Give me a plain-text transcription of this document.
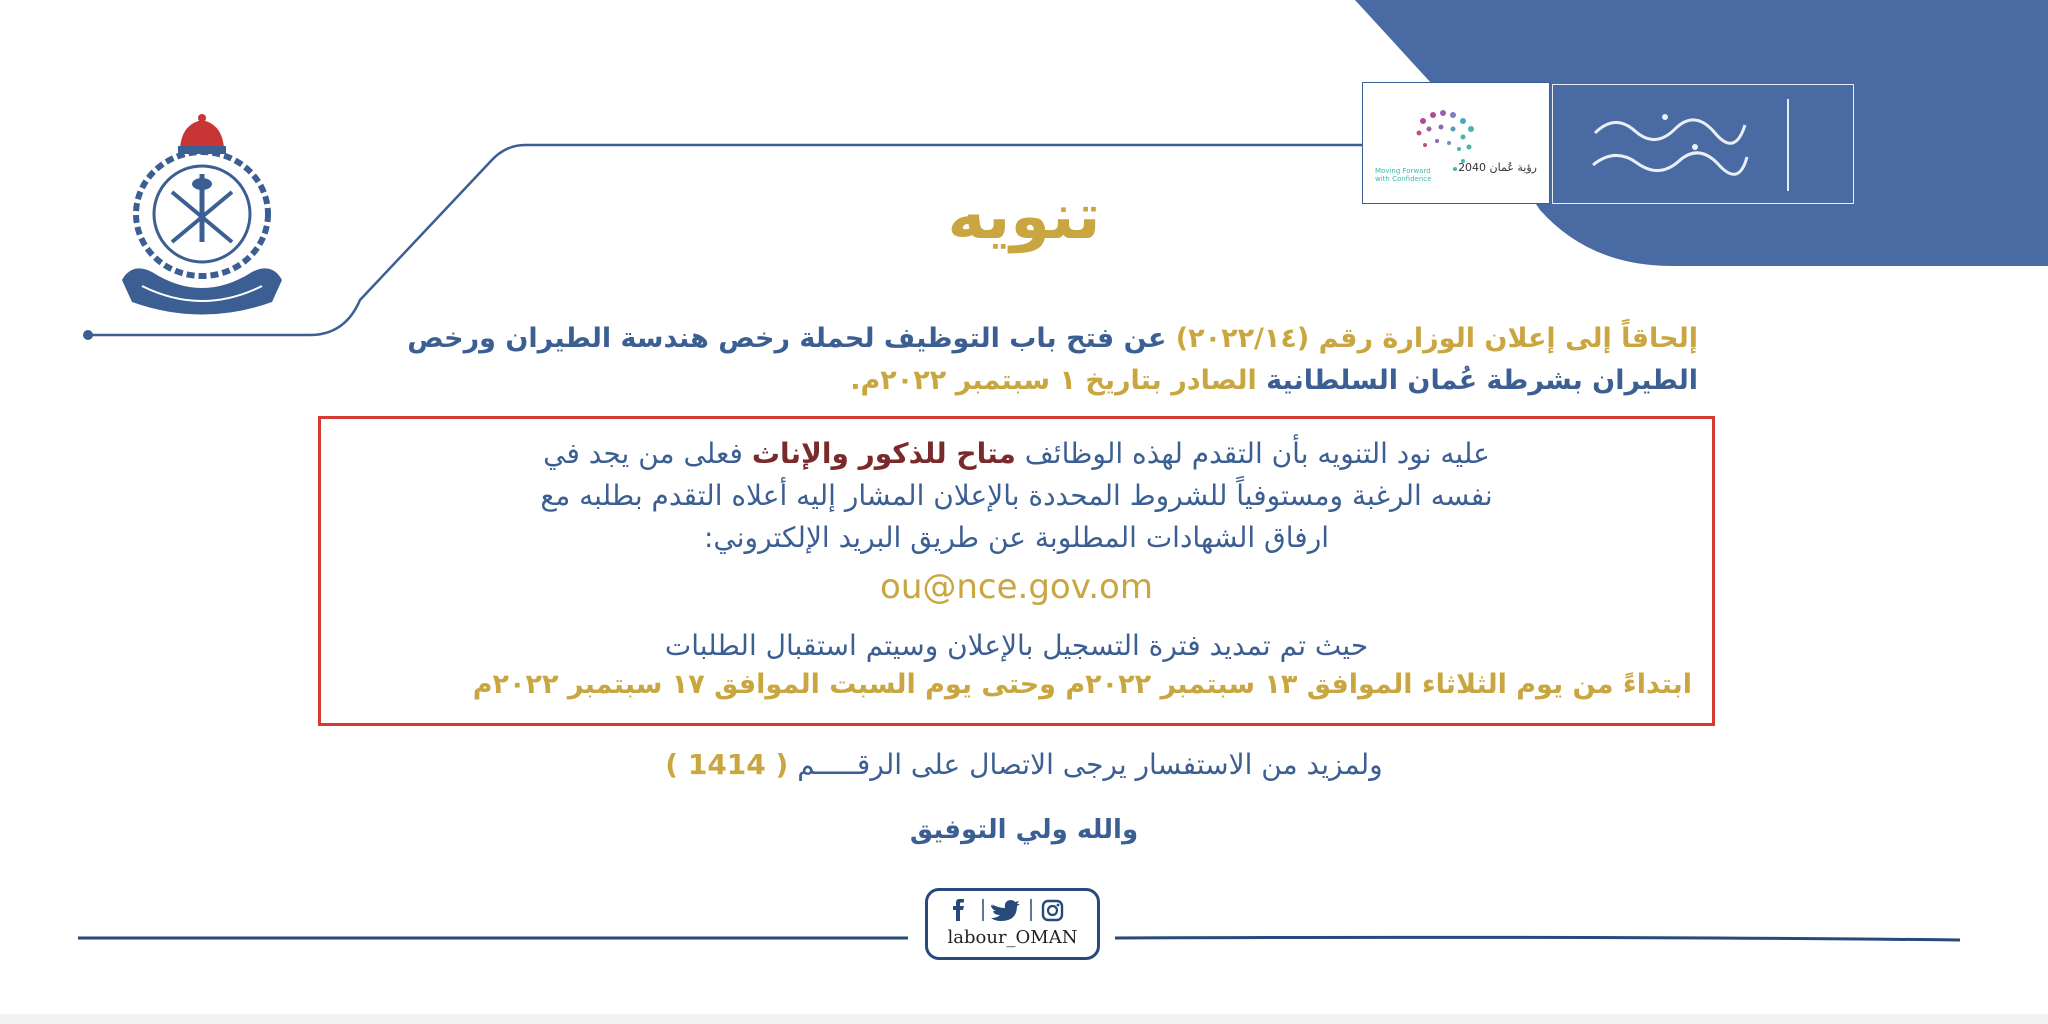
رؤية عُمان 2040
Moving Forward with Confidence
تنويه
إلحاقاً إلى إعلان الوزارة رقم (٢٠٢٢/١٤) عن فتح باب التوظيف لحملة رخص هندسة الطيران ورخص الطيران بشرطة عُمان السلطانية الصادر بتاريخ ١ سبتمبر ٢٠٢٢م.
عليه نود التنويه بأن التقدم لهذه الوظائف متاح للذكور والإناث فعلى من يجد في
نفسه الرغبة ومستوفياً للشروط المحددة بالإعلان المشار إليه أعلاه التقدم بطلبه مع
ارفاق الشهادات المطلوبة عن طريق البريد الإلكتروني:
ou@nce.gov.om
حيث تم تمديد فترة التسجيل بالإعلان وسيتم استقبال الطلبات
ابتداءً من يوم الثلاثاء الموافق ١٣ سبتمبر ٢٠٢٢م وحتى يوم السبت الموافق ١٧ سبتمبر ٢٠٢٢م
ولمزيد من الاستفسار يرجى الاتصال على الرقـــــم ( 1414 )
والله ولي التوفيق
labour_OMAN
